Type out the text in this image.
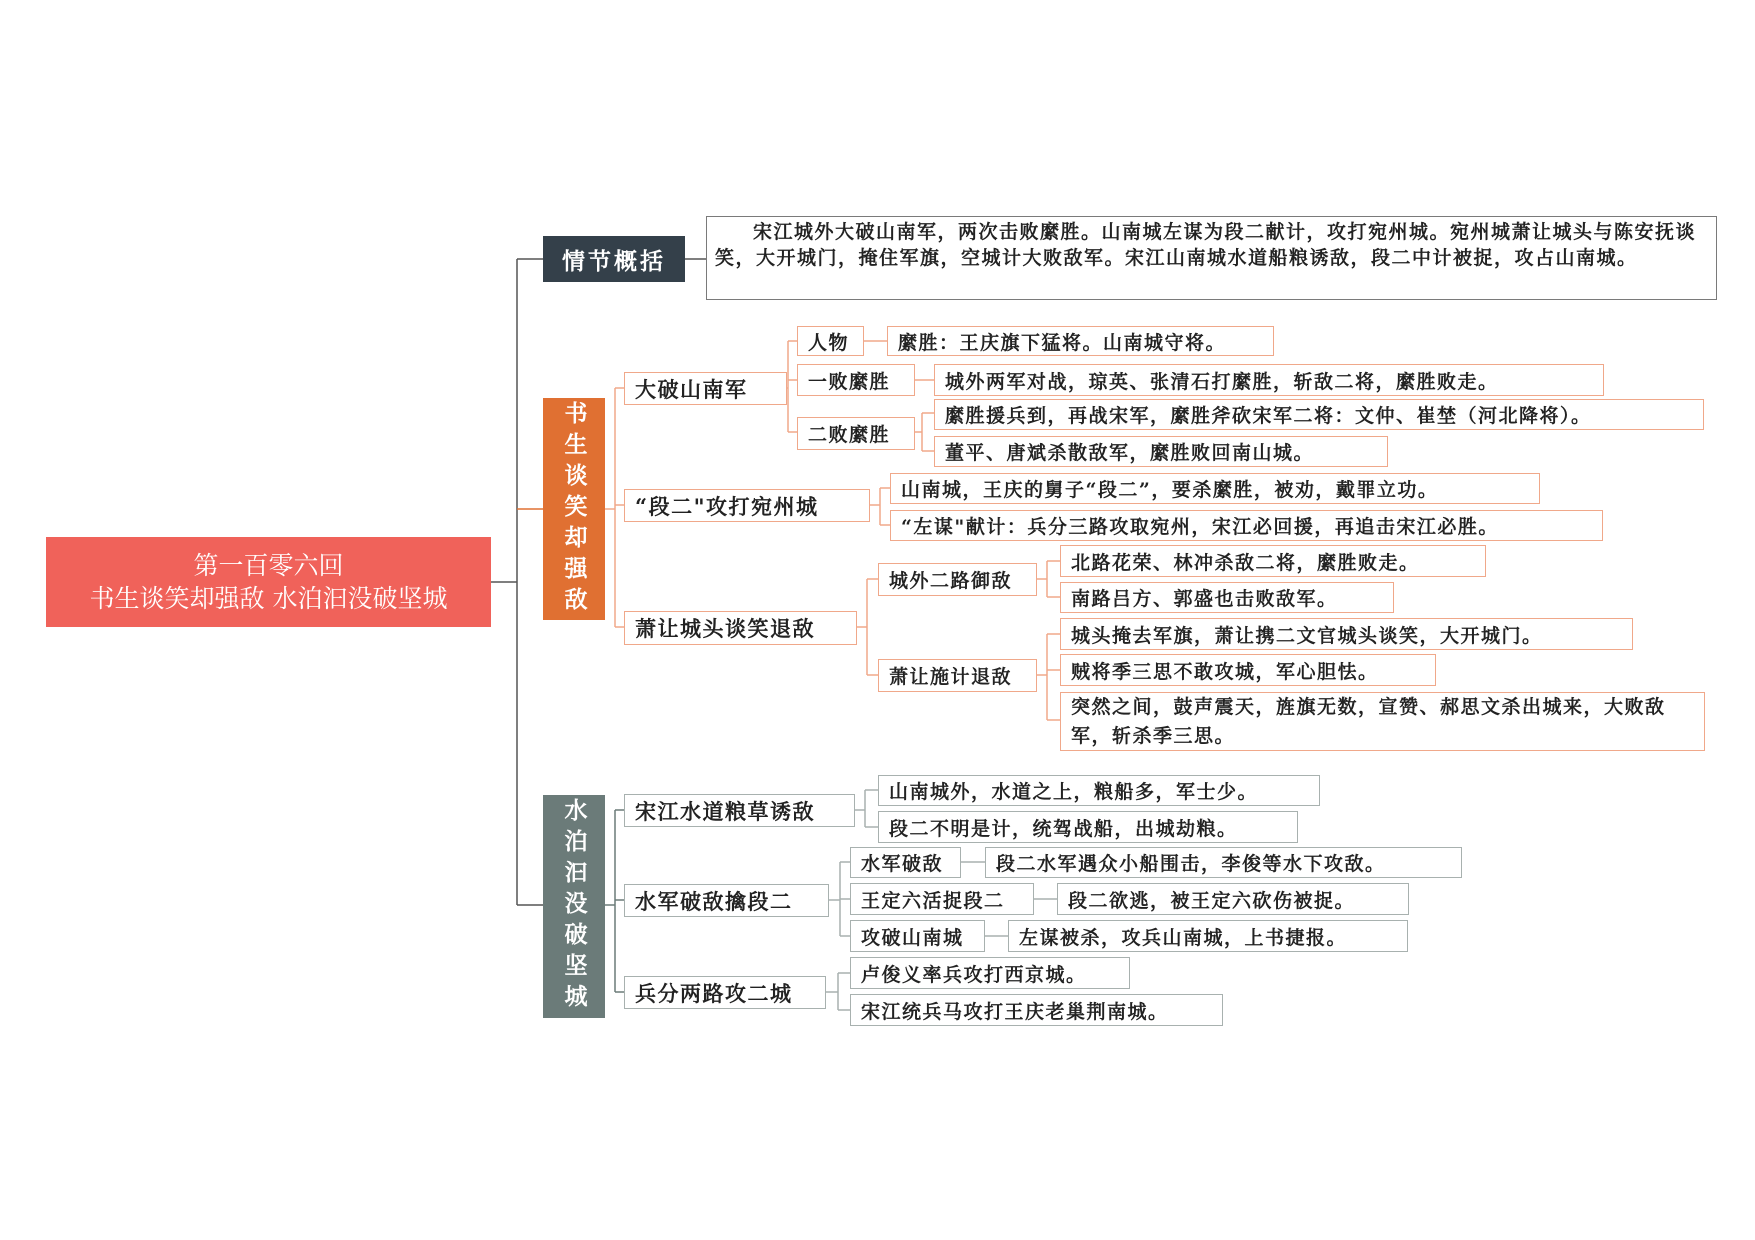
第一百零六回
书生谈笑却强敌 水泊汩没破坚城
情节概括
宋江城外大破山南军，两次击败縻胜。山南城左谋为段二献计，攻打宛州城。宛州城萧让城头与陈安抚谈笑，大开城门，掩住军旗，空城计大败敌军。宋江山南城水道船粮诱敌，段二中计被捉，攻占山南城。
书生谈笑却强敌
大破山南军
人物	縻胜：王庆旗下猛将。山南城守将。
一败縻胜	城外两军对战，琼英、张清石打縻胜，斩敌二将，縻胜败走。
二败縻胜
縻胜援兵到，再战宋军，縻胜斧砍宋军二将：文仲、崔埜（河北降将）。
董平、唐斌杀散敌军，縻胜败回南山城。
“段二"攻打宛州城
山南城，王庆的舅子“段二”，要杀縻胜，被劝，戴罪立功。
“左谋"献计：兵分三路攻取宛州，宋江必回援，再追击宋江必胜。
萧让城头谈笑退敌
城外二路御敌
北路花荣、林冲杀敌二将，縻胜败走。
南路吕方、郭盛也击败敌军。
萧让施计退敌
城头掩去军旗，萧让携二文官城头谈笑，大开城门。
贼将季三思不敢攻城，军心胆怯。
突然之间，鼓声震天，旌旗无数，宣赞、郝思文杀出城来，大败敌军，斩杀季三思。
水泊汩没破坚城	宋江水道粮草诱敌
山南城外，水道之上，粮船多，军士少。
段二不明是计，统驾战船，出城劫粮。
水军破敌擒段二
水军破敌	段二水军遇众小船围击，李俊等水下攻敌。
王定六活捉段二	段二欲逃，被王定六砍伤被捉。
攻破山南城	左谋被杀，攻兵山南城，上书捷报。
兵分两路攻二城
卢俊义率兵攻打西京城。
宋江统兵马攻打王庆老巢荆南城。
